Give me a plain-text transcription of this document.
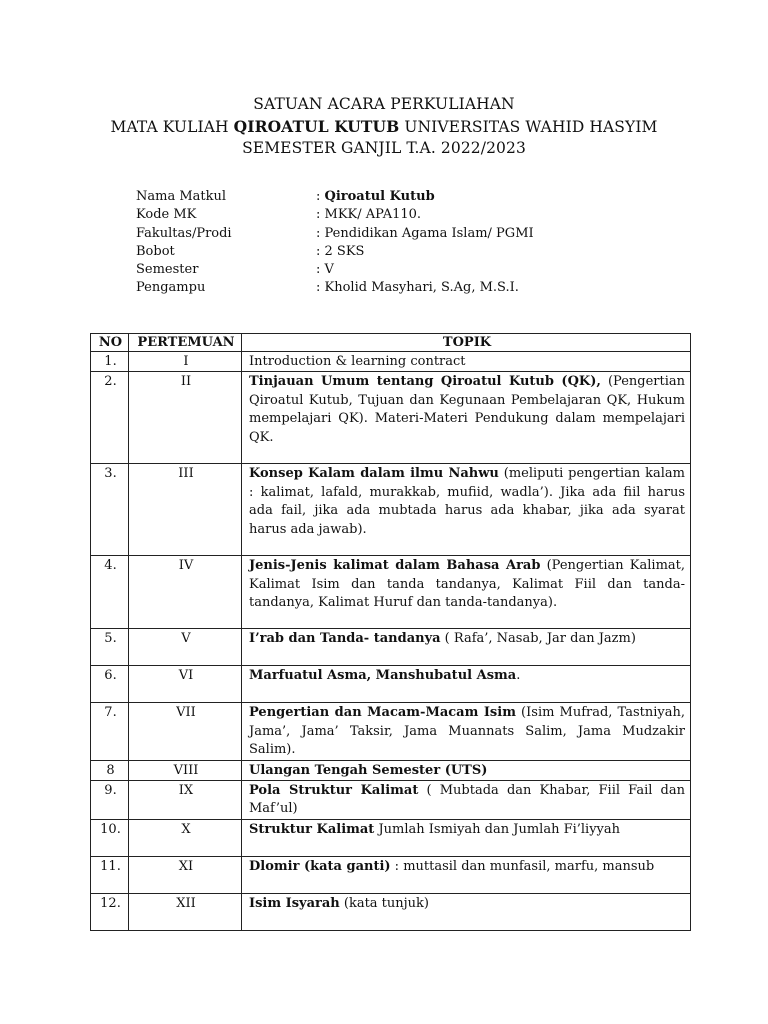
SATUAN ACARA PERKULIAHAN
MATA KULIAH QIROATUL KUTUB UNIVERSITAS WAHID HASYIM
SEMESTER GANJIL T.A. 2022/2023
Nama Matkul	: Qiroatul Kutub
Kode MK	: MKK/ APA110.
Fakultas/Prodi	: Pendidikan Agama Islam/ PGMI
Bobot	: 2 SKS
Semester	: V
Pengampu	: Kholid Masyhari, S.Ag, M.S.I.
NO	PERTEMUAN	TOPIK
1.	I	Introduction & learning contract
2.	II	Tinjauan Umum tentang Qiroatul Kutub (QK), (Pengertian Qiroatul Kutub, Tujuan dan Kegunaan Pembelajaran QK, Hukum mempelajari QK). Materi-Materi Pendukung dalam mempelajari QK.
3.	III	Konsep Kalam dalam ilmu Nahwu (meliputi pengertian kalam : kalimat, lafald, murakkab, mufiid, wadla’). Jika ada fiil harus ada fail, jika ada mubtada harus ada khabar, jika ada syarat harus ada jawab).
4.	IV	Jenis-Jenis kalimat dalam Bahasa Arab (Pengertian Kalimat, Kalimat Isim dan tanda tandanya, Kalimat Fiil dan tanda-tandanya, Kalimat Huruf dan tanda-tandanya).
5.	V	I’rab dan Tanda- tandanya ( Rafa’, Nasab, Jar dan Jazm)
6.	VI	Marfuatul Asma, Manshubatul Asma.
7.	VII	Pengertian dan Macam-Macam Isim (Isim Mufrad, Tastniyah, Jama’, Jama’ Taksir, Jama Muannats Salim, Jama Mudzakir Salim).
8	VIII	Ulangan Tengah Semester (UTS)
9.	IX	Pola Struktur Kalimat ( Mubtada dan Khabar, Fiil Fail dan Maf’ul)
10.	X	Struktur Kalimat Jumlah Ismiyah dan Jumlah Fi’liyyah
11.	XI	Dlomir (kata ganti) : muttasil dan munfasil, marfu, mansub
12.	XII	Isim Isyarah (kata tunjuk)
